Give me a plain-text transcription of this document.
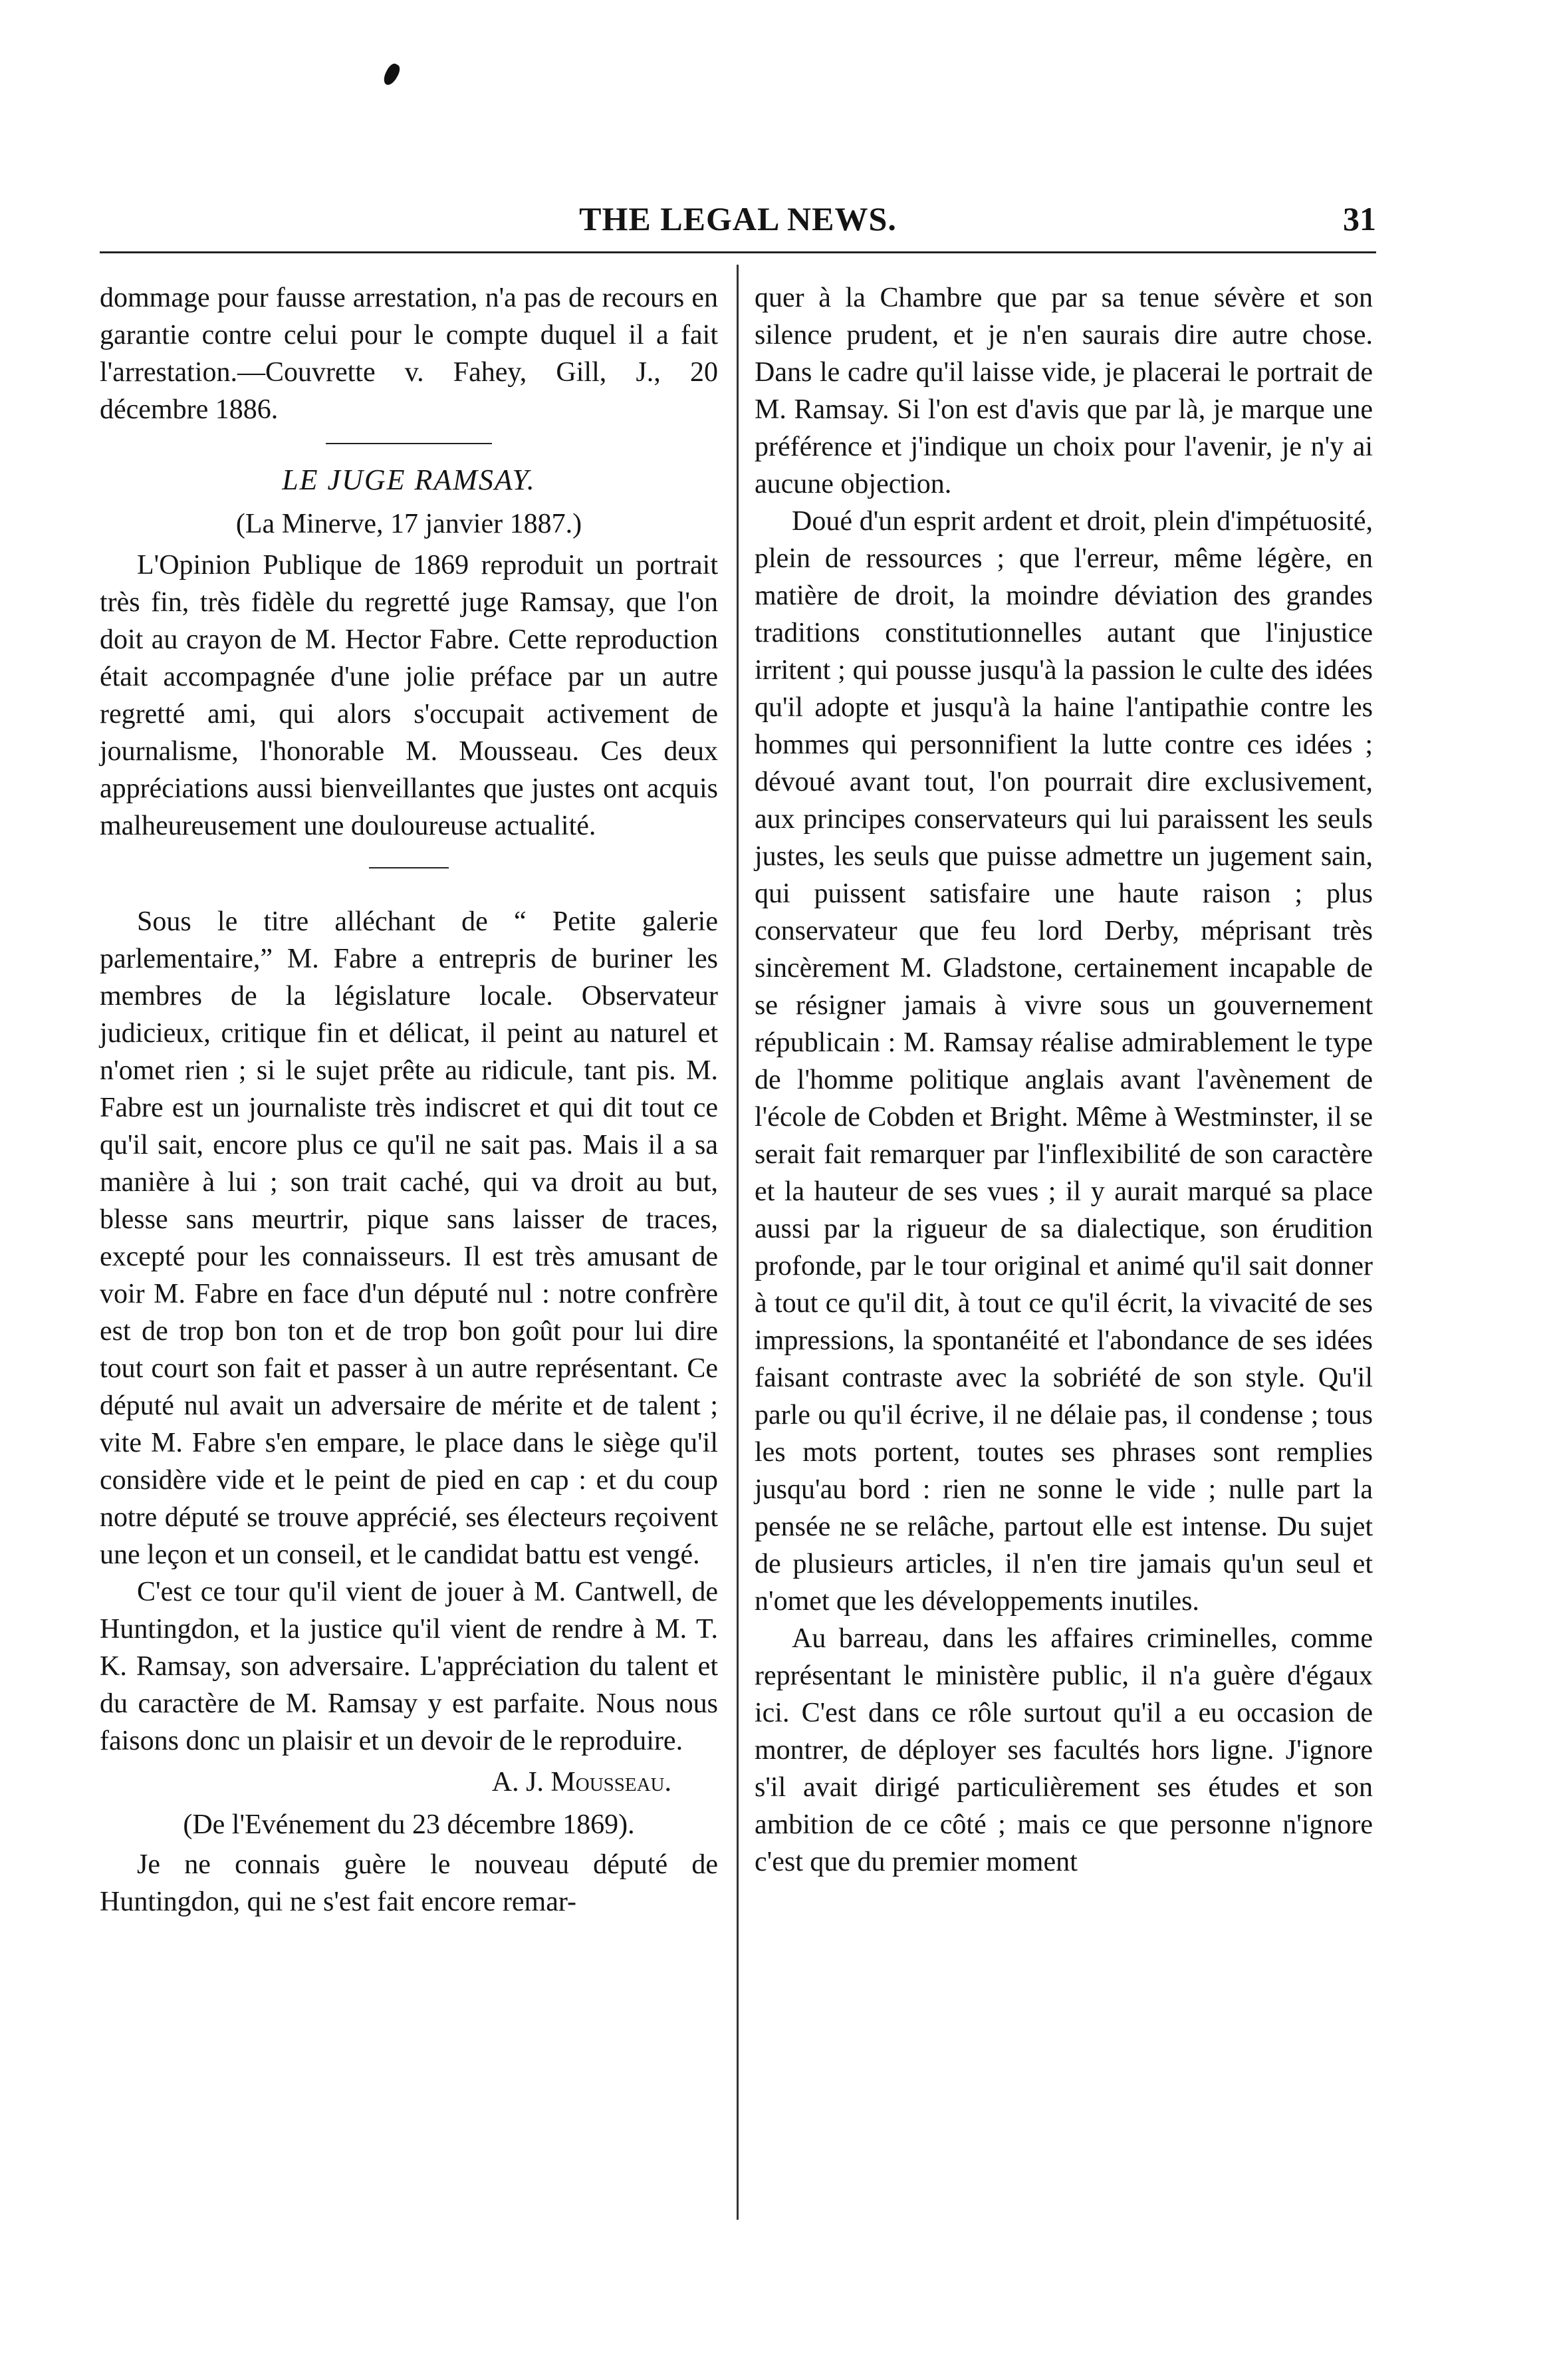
THE LEGAL NEWS.	31

dommage pour fausse arrestation, n'a pas de recours en garantie contre celui pour le compte duquel il a fait l'arrestation.—Couvrette v. Fahey, Gill, J., 20 décembre 1886.

LE JUGE RAMSAY.
(La Minerve, 17 janvier 1887.)

L'Opinion Publique de 1869 reproduit un portrait très fin, très fidèle du regretté juge Ramsay, que l'on doit au crayon de M. Hector Fabre. Cette reproduction était accompagnée d'une jolie préface par un autre regretté ami, qui alors s'occupait activement de journalisme, l'honorable M. Mousseau. Ces deux appréciations aussi bienveillantes que justes ont acquis malheureusement une douloureuse actualité.

Sous le titre alléchant de “ Petite galerie parlementaire,” M. Fabre a entrepris de buriner les membres de la législature locale. Observateur judicieux, critique fin et délicat, il peint au naturel et n'omet rien ; si le sujet prête au ridicule, tant pis. M. Fabre est un journaliste très indiscret et qui dit tout ce qu'il sait, encore plus ce qu'il ne sait pas. Mais il a sa manière à lui ; son trait caché, qui va droit au but, blesse sans meurtrir, pique sans laisser de traces, excepté pour les connaisseurs. Il est très amusant de voir M. Fabre en face d'un député nul : notre confrère est de trop bon ton et de trop bon goût pour lui dire tout court son fait et passer à un autre représentant. Ce député nul avait un adversaire de mérite et de talent ; vite M. Fabre s'en empare, le place dans le siège qu'il considère vide et le peint de pied en cap : et du coup notre député se trouve apprécié, ses électeurs reçoivent une leçon et un conseil, et le candidat battu est vengé.

C'est ce tour qu'il vient de jouer à M. Cantwell, de Huntingdon, et la justice qu'il vient de rendre à M. T. K. Ramsay, son adversaire. L'appréciation du talent et du caractère de M. Ramsay y est parfaite. Nous nous faisons donc un plaisir et un devoir de le reproduire.

A. J. Mousseau.
(De l'Evénement du 23 décembre 1869).

Je ne connais guère le nouveau député de Huntingdon, qui ne s'est fait encore remar-

quer à la Chambre que par sa tenue sévère et son silence prudent, et je n'en saurais dire autre chose. Dans le cadre qu'il laisse vide, je placerai le portrait de M. Ramsay. Si l'on est d'avis que par là, je marque une préférence et j'indique un choix pour l'avenir, je n'y ai aucune objection.

Doué d'un esprit ardent et droit, plein d'impétuosité, plein de ressources ; que l'erreur, même légère, en matière de droit, la moindre déviation des grandes traditions constitutionnelles autant que l'injustice irritent ; qui pousse jusqu'à la passion le culte des idées qu'il adopte et jusqu'à la haine l'antipathie contre les hommes qui personnifient la lutte contre ces idées ; dévoué avant tout, l'on pourrait dire exclusivement, aux principes conservateurs qui lui paraissent les seuls justes, les seuls que puisse admettre un jugement sain, qui puissent satisfaire une haute raison ; plus conservateur que feu lord Derby, méprisant très sincèrement M. Gladstone, certainement incapable de se résigner jamais à vivre sous un gouvernement républicain : M. Ramsay réalise admirablement le type de l'homme politique anglais avant l'avènement de l'école de Cobden et Bright. Même à Westminster, il se serait fait remarquer par l'inflexibilité de son caractère et la hauteur de ses vues ; il y aurait marqué sa place aussi par la rigueur de sa dialectique, son érudition profonde, par le tour original et animé qu'il sait donner à tout ce qu'il dit, à tout ce qu'il écrit, la vivacité de ses impressions, la spontanéité et l'abondance de ses idées faisant contraste avec la sobriété de son style. Qu'il parle ou qu'il écrive, il ne délaie pas, il condense ; tous les mots portent, toutes ses phrases sont remplies jusqu'au bord : rien ne sonne le vide ; nulle part la pensée ne se relâche, partout elle est intense. Du sujet de plusieurs articles, il n'en tire jamais qu'un seul et n'omet que les développements inutiles.

Au barreau, dans les affaires criminelles, comme représentant le ministère public, il n'a guère d'égaux ici. C'est dans ce rôle surtout qu'il a eu occasion de montrer, de déployer ses facultés hors ligne. J'ignore s'il avait dirigé particulièrement ses études et son ambition de ce côté ; mais ce que personne n'ignore c'est que du premier moment
